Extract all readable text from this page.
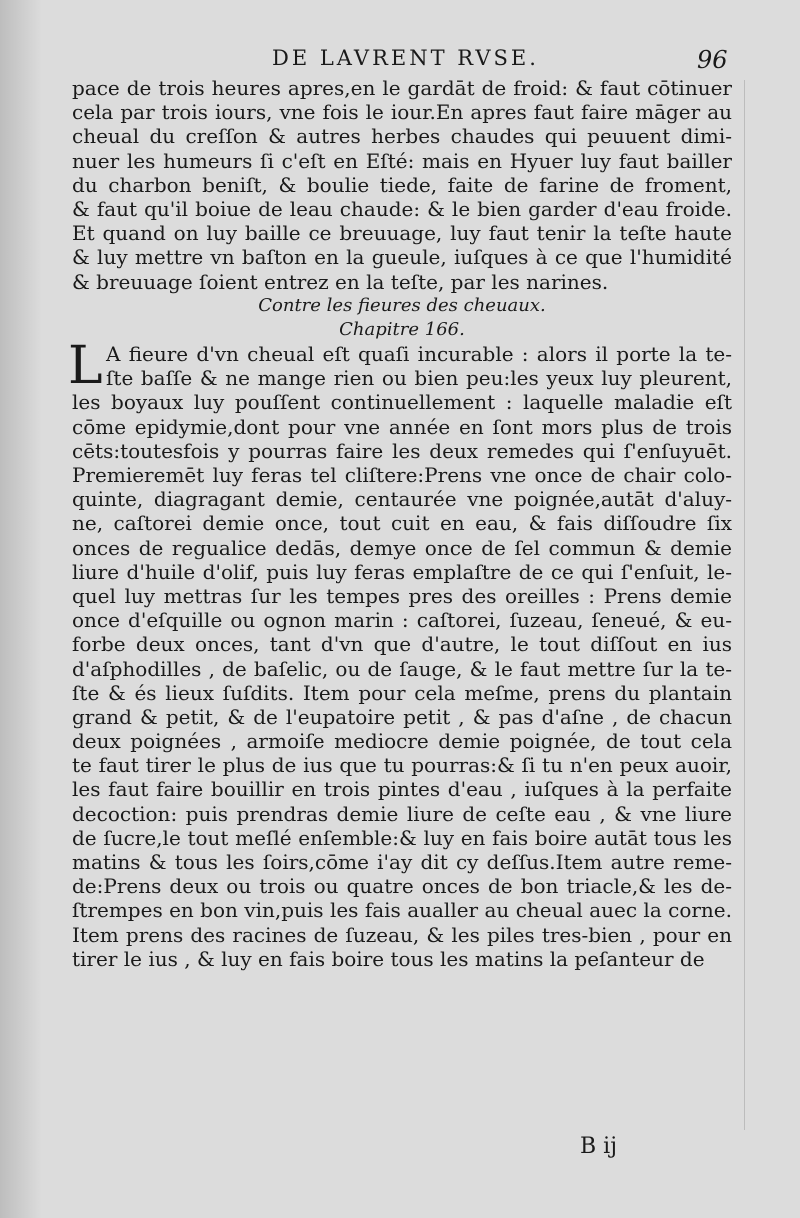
DE LAVRENT RVSE.	96
pace de trois heures apres,en le gardāt de froid: & faut cōtinuer
cela par trois iours, vne fois le iour.En apres faut faire māger au
cheual du creſſon & autres herbes chaudes qui peuuent dimi-
nuer les humeurs ſi c'eſt en Eſté: mais en Hyuer luy faut bailler
du charbon beniſt, & boulie tiede, faite de farine de froment,
& faut qu'il boiue de leau chaude: & le bien garder d'eau froide.
Et quand on luy baille ce breuuage, luy faut tenir la teſte haute
& luy mettre vn baſton en la gueule, iuſques à ce que l'humidité
& breuuage ſoient entrez en la teſte, par les narines.
Contre les fieures des cheuaux.
Chapitre 166.
L A fieure d'vn cheual eſt quaſi incurable : alors il porte la te-
ſte baſſe & ne mange rien ou bien peu:les yeux luy pleurent,
les boyaux luy pouſſent continuellement : laquelle maladie eſt
cōme epidymie,dont pour vne année en ſont mors plus de trois
cēts:toutesfois y pourras faire les deux remedes qui ſ'enſuyuēt.
Premieremēt luy feras tel cliſtere:Prens vne once de chair colo-
quinte, diagragant demie, centaurée vne poignée,autāt d'aluy-
ne, caſtorei demie once, tout cuit en eau, & fais diſſoudre ſix
onces de regualice dedās, demye once de ſel commun & demie
liure d'huile d'olif, puis luy feras emplaſtre de ce qui ſ'enſuit, le-
quel luy mettras ſur les tempes pres des oreilles : Prens demie
once d'eſquille ou ognon marin : caſtorei, ſuzeau, ſeneué, & eu-
forbe deux onces, tant d'vn que d'autre, le tout diſſout en ius
d'aſphodilles , de baſelic, ou de ſauge, & le faut mettre ſur la te-
ſte & és lieux ſuſdits. Item pour cela meſme, prens du plantain
grand & petit, & de l'eupatoire petit , & pas d'aſne , de chacun
deux poignées , armoiſe mediocre demie poignée, de tout cela
te faut tirer le plus de ius que tu pourras:& ſi tu n'en peux auoir,
les faut faire bouillir en trois pintes d'eau , iuſques à la perfaite
decoction: puis prendras demie liure de ceſte eau , & vne liure
de ſucre,le tout meſlé enſemble:& luy en fais boire autāt tous les
matins & tous les ſoirs,cōme i'ay dit cy deſſus.Item autre reme-
de:Prens deux ou trois ou quatre onces de bon triacle,& les de-
ſtrempes en bon vin,puis les fais aualler au cheual auec la corne.
Item prens des racines de ſuzeau, & les piles tres-bien , pour en
tirer le ius , & luy en fais boire tous les matins la peſanteur de
B ij
